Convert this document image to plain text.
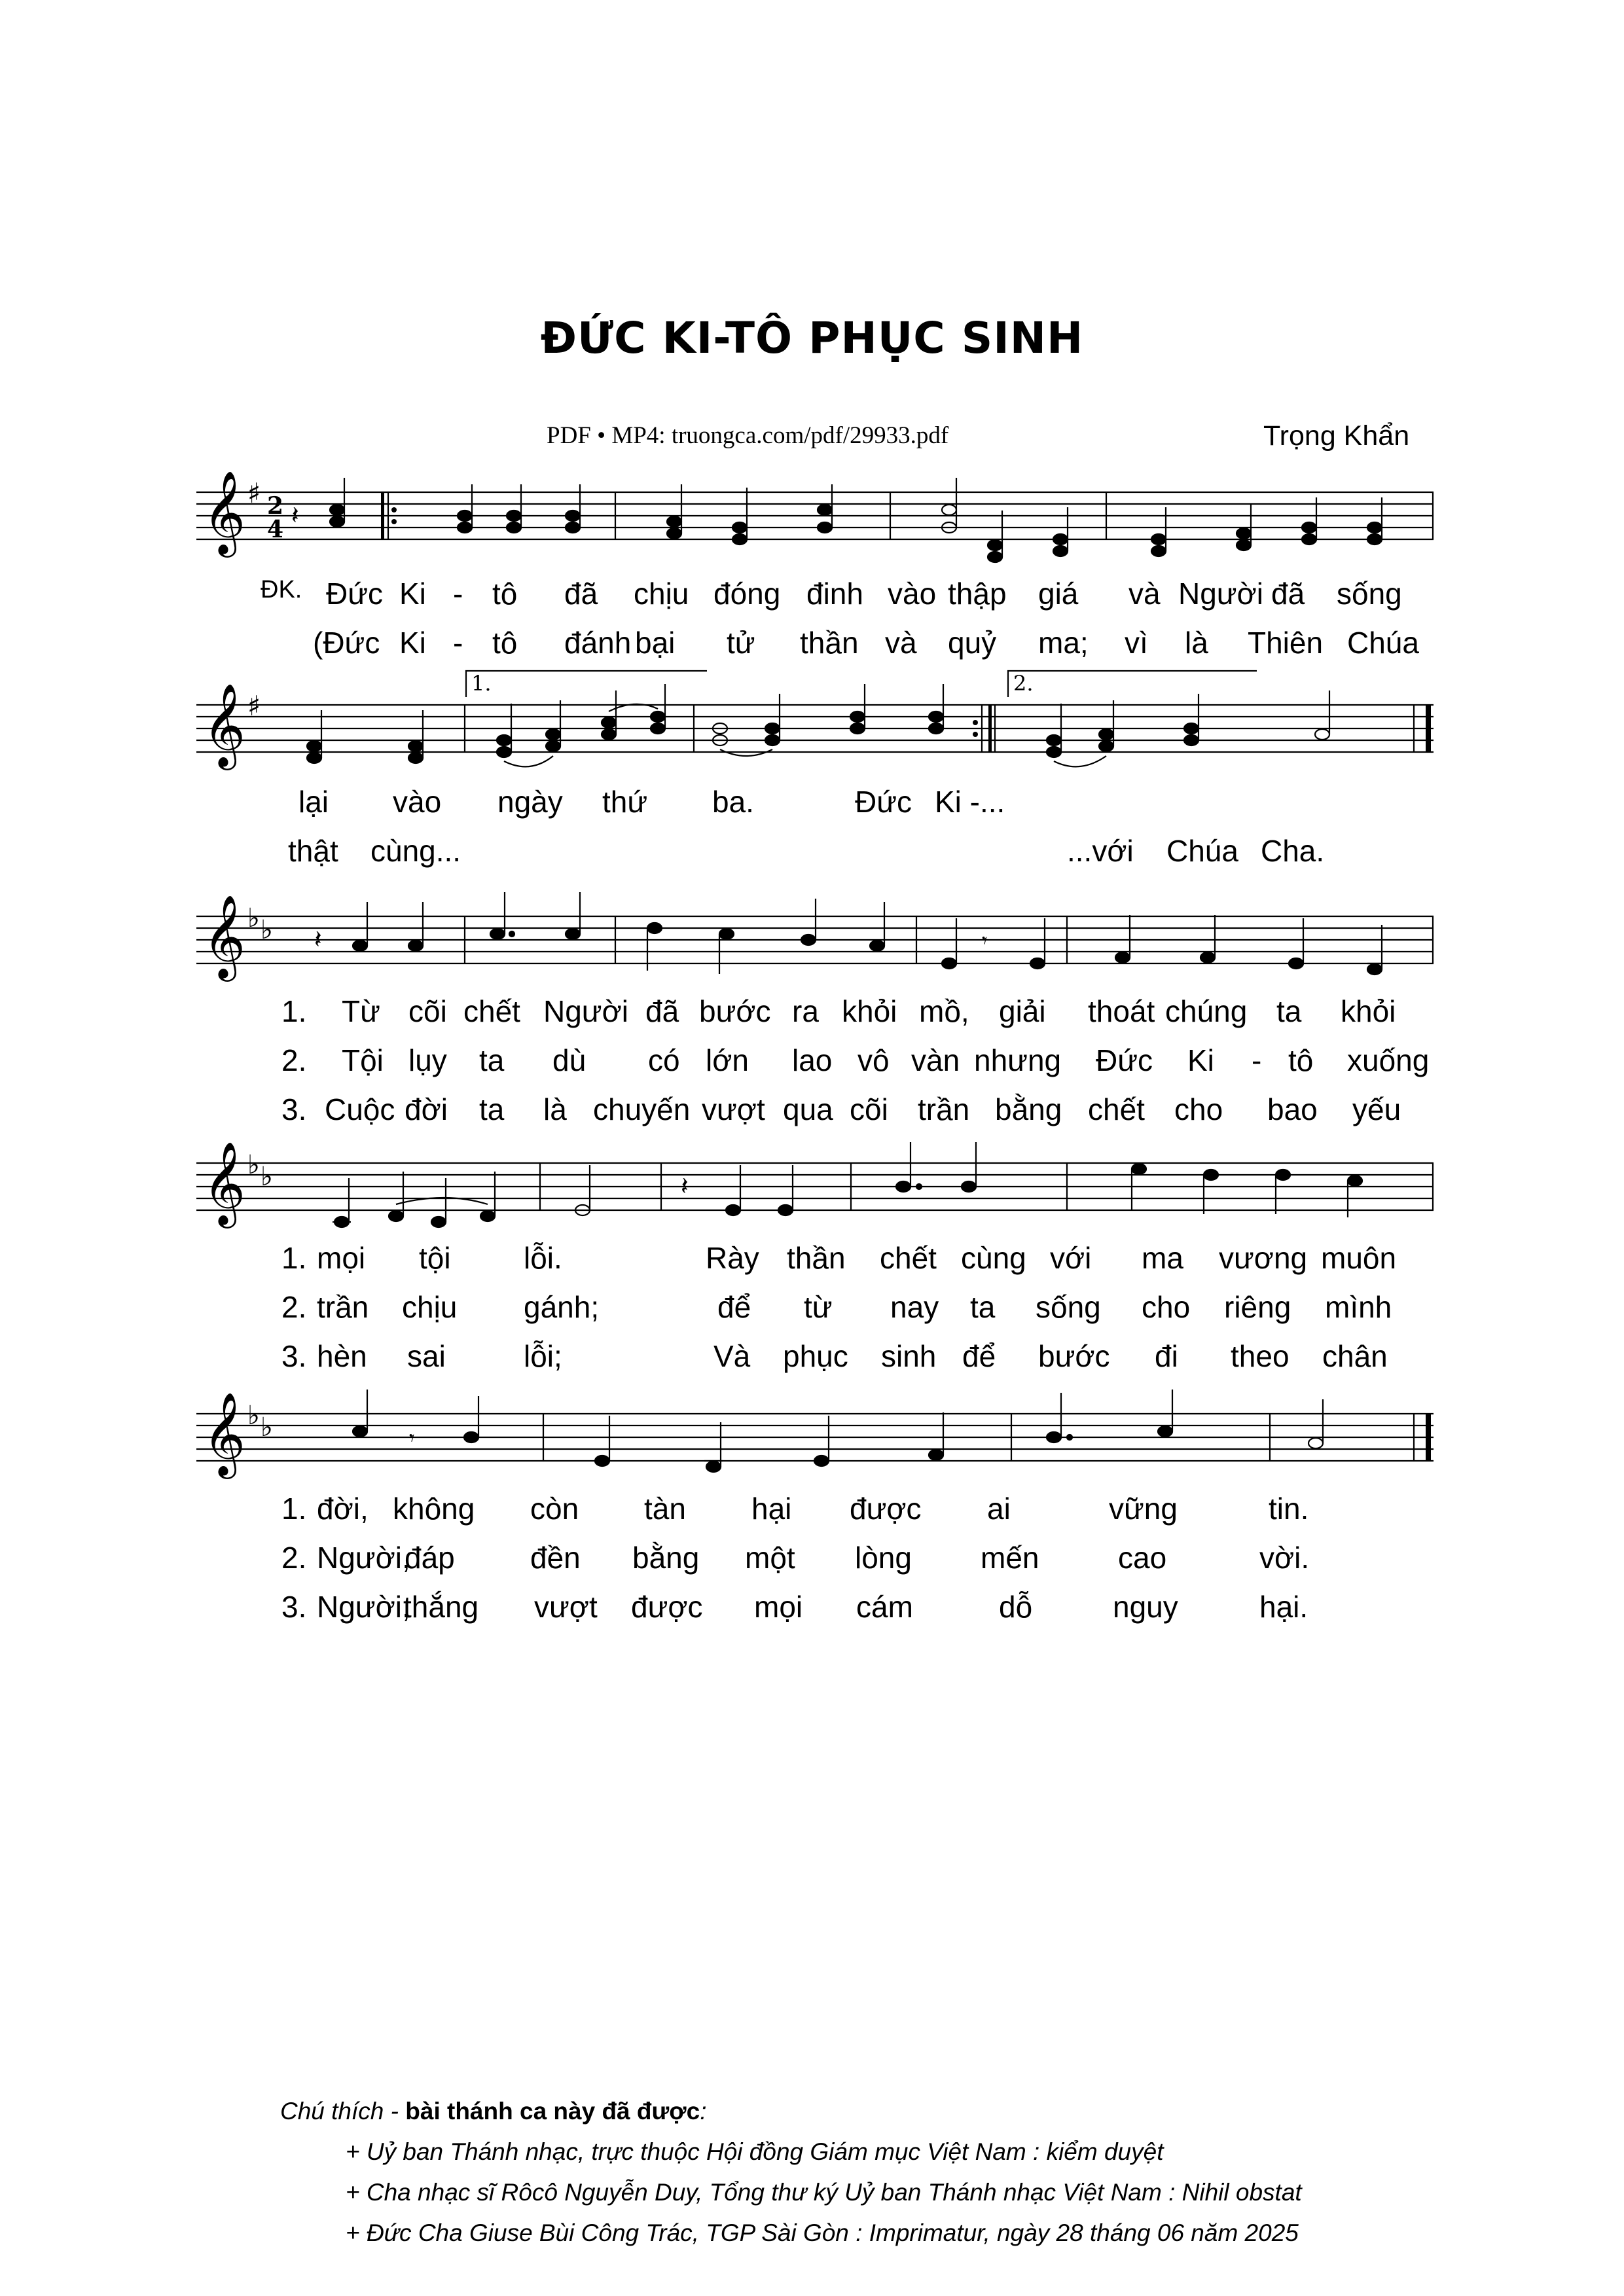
ĐỨC KI-TÔ PHỤC SINH
PDF • MP4: truongca.com/pdf/29933.pdf	Trọng Khẩn
𝄞 ♯ 2
4 𝄽
1.	2.
𝄞 ♯
𝄞 ♭ ♭ 𝄽	𝄾
𝄞 ♭ ♭	𝄽
𝄞 ♭ ♭	𝄾
ĐK. Đức Ki - tô đã chịu đóng đinh vào thập giá và Người đã sống
(Đức Ki - tô đánh bại tử thần và quỷ ma; vì là Thiên Chúa
lại vào ngày thứ ba.	Đức Ki -...
thật cùng...	...với Chúa Cha.
1. Từ cõi chết Người đã bước ra khỏi mồ, giải thoát chúng ta khỏi
2. Tội lụy ta dù có lớn lao vô vàn nhưng Đức Ki - tô xuống
3. Cuộc đời ta là chuyến vượt qua cõi trần bằng chết cho bao yếu
1. mọi tội lỗi.	Rày thần chết cùng với ma vương muôn
2. trần chịu gánh;	để từ nay ta sống cho riêng mình
3. hèn sai	lỗi;	Và phục sinh để bước đi theo chân
1. đời, không còn tàn hại được ai	vững	tin.
2. Người,
đáp	đền bằng một lòng mến	cao	vời.
3. Người,
thắng vượt được mọi cám	dỗ	nguy	hại.
Chú thích - bài thánh ca này đã được:
+ Uỷ ban Thánh nhạc, trực thuộc Hội đồng Giám mục Việt Nam : kiểm duyệt
+ Cha nhạc sĩ Rôcô Nguyễn Duy, Tổng thư ký Uỷ ban Thánh nhạc Việt Nam : Nihil obstat
+ Đức Cha Giuse Bùi Công Trác, TGP Sài Gòn : Imprimatur, ngày 28 tháng 06 năm 2025
